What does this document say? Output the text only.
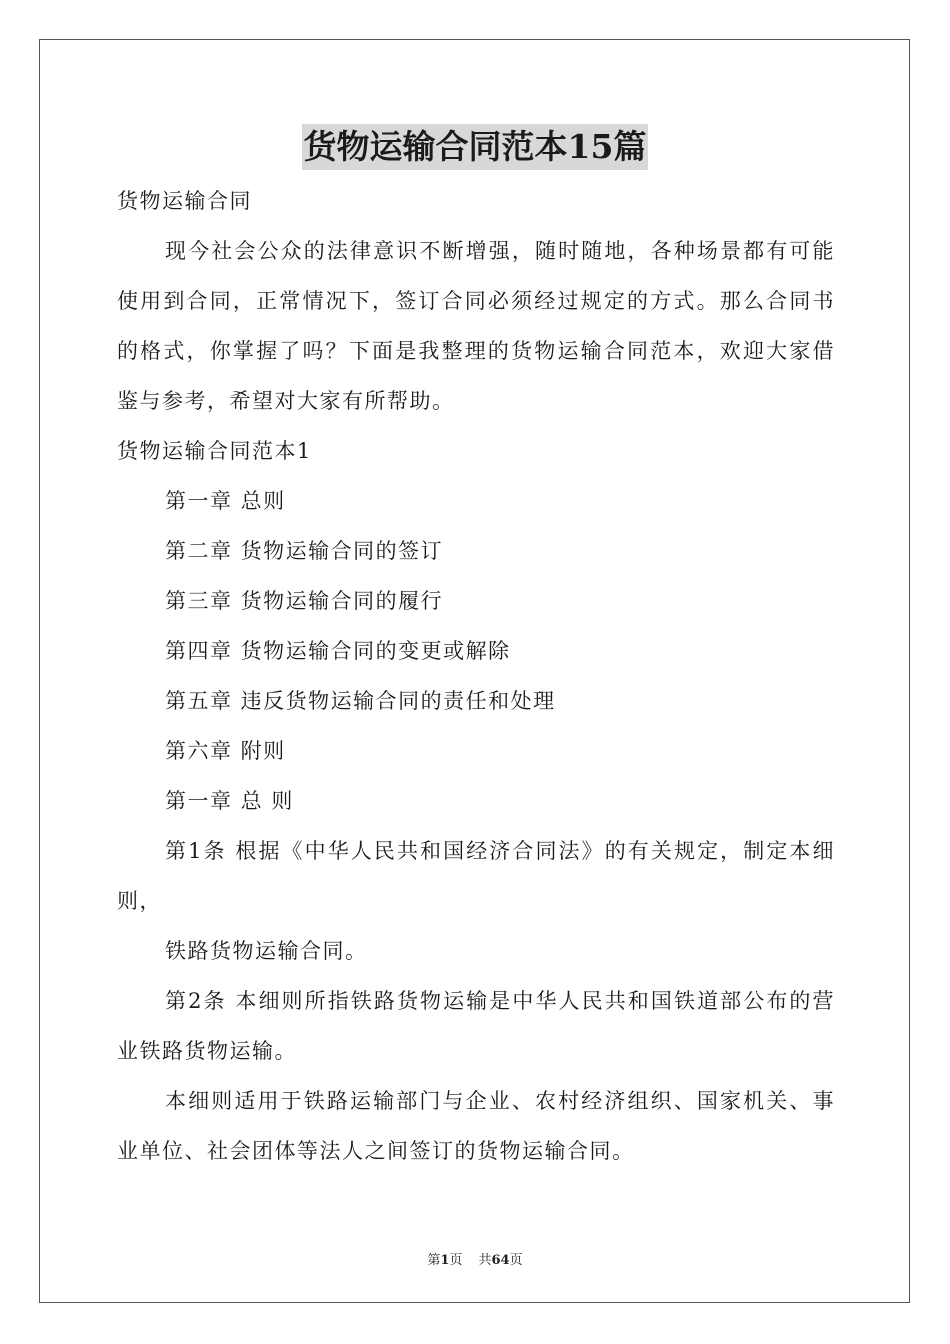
货物运输合同范本15篇
货物运输合同
现今社会公众的法律意识不断增强，随时随地，各种场景都有可能使用到合同，正常情况下，签订合同必须经过规定的方式。那么合同书的格式，你掌握了吗？下面是我整理的货物运输合同范本，欢迎大家借鉴与参考，希望对大家有所帮助。
货物运输合同范本1
第一章 总则
第二章 货物运输合同的签订
第三章 货物运输合同的履行
第四章 货物运输合同的变更或解除
第五章 违反货物运输合同的责任和处理
第六章 附则
第一章 总 则
第1条 根据《中华人民共和国经济合同法》的有关规定，制定本细则，
铁路货物运输合同。
第2条 本细则所指铁路货物运输是中华人民共和国铁道部公布的营业铁路货物运输。
本细则适用于铁路运输部门与企业、农村经济组织、国家机关、事业单位、社会团体等法人之间签订的货物运输合同。
第1页 共64页
